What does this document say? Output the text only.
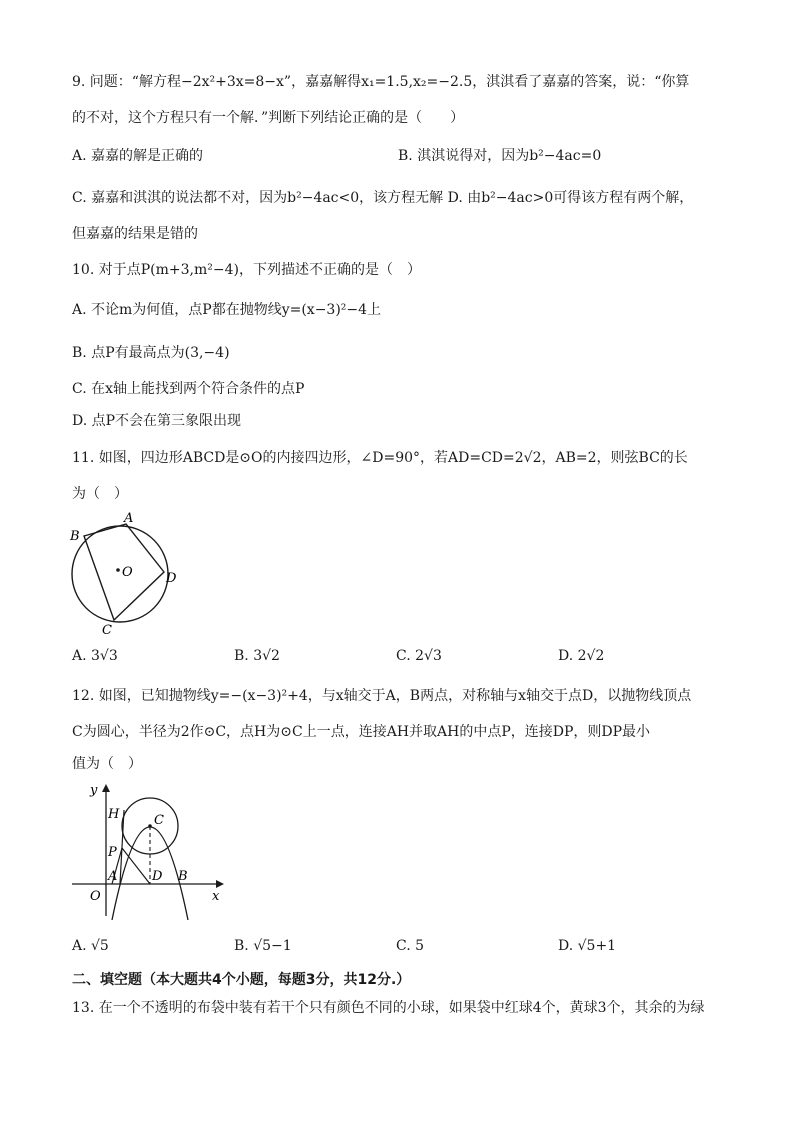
9. 问题：“解方程−2x²+3x=8−x”，嘉嘉解得x₁=1.5,x₂=−2.5，淇淇看了嘉嘉的答案，说：“你算
的不对，这个方程只有一个解．”判断下列结论正确的是（　　）
A. 嘉嘉的解是正确的	B. 淇淇说得对，因为b²−4ac=0
C. 嘉嘉和淇淇的说法都不对，因为b²−4ac<0，该方程无解 D. 由b²−4ac>0可得该方程有两个解，
但嘉嘉的结果是错的
10. 对于点P(m+3,m²−4)，下列描述不正确的是（　）
A. 不论m为何值，点P都在抛物线y=(x−3)²−4上
B. 点P有最高点为(3,−4)
C. 在x轴上能找到两个符合条件的点P
D. 点P不会在第三象限出现
11. 如图，四边形ABCD是⊙O的内接四边形，∠D=90°，若AD=CD=2√2，AB=2，则弦BC的长
为（　）
A
B
C
D
O
A. 3√3	B. 3√2	C. 2√3	D. 2√2
12. 如图，已知抛物线y=−(x−3)²+4，与x轴交于A，B两点，对称轴与x轴交于点D，以抛物线顶点
C为圆心，半径为2作⊙C，点H为⊙C上一点，连接AH并取AH的中点P，连接DP，则DP最小
值为（　）
y
x
O
A	B
C
D
H
P
A. √5	B. √5−1	C. 5	D. √5+1
二、填空题（本大题共4个小题，每题3分，共12分.）
13. 在一个不透明的布袋中装有若干个只有颜色不同的小球，如果袋中红球4个，黄球3个，其余的为绿
